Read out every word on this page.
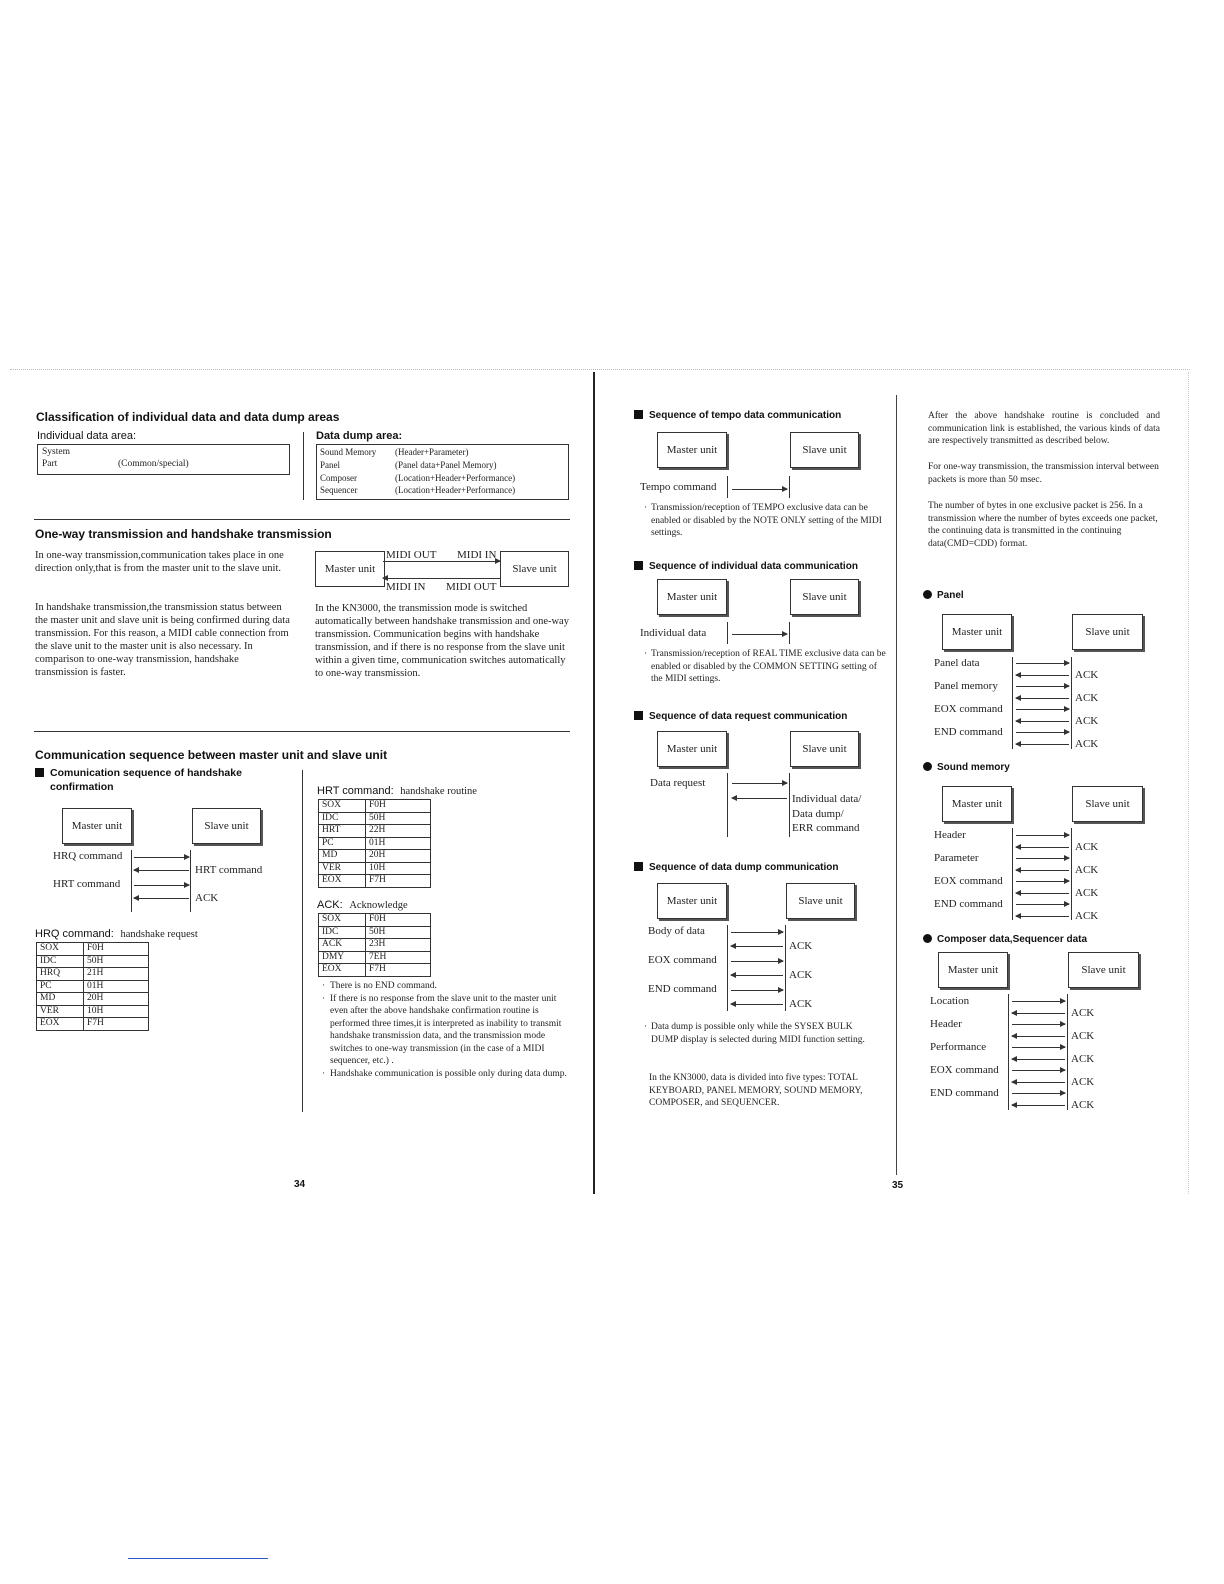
Classification of individual data and data dump areas
Individual data area:
System
Part	(Common/special)
Data dump area:
Sound Memory (Header+Parameter)
Panel	(Panel data+Panel Memory)
Composer	(Location+Header+Performance)
Sequencer	(Location+Header+Performance)
One-way transmission and handshake transmission
In one-way transmission,communication takes place in one direction only,that is from the master unit to the slave unit.
In handshake transmission,the transmission status between the master unit and slave unit is being confirmed during data transmission. For this reason, a MIDI cable connection from the slave unit to the master unit is also necessary. In comparison to one-way transmission, handshake transmission is faster.
Master unit	Slave unit
MIDI OUT MIDI IN
MIDI IN MIDI OUT
In the KN3000, the transmission mode is switched automatically between handshake transmission and one-way transmission. Communication begins with handshake transmission, and if there is no response from the slave unit within a given time, communication switches automatically to one-way transmission.
Communication sequence between master unit and slave unit
Comunication sequence of handshake
confirmation
Master unit	Slave unit
HRQ command
HRT command
HRT command
ACK
HRQ command: handshake request
SOX	F0H
IDC	50H
HRQ	21H
PC	01H
MD	20H
VER	10H
EOX	F7H
HRT command: handshake routine
SOX	F0H
IDC	50H
HRT	22H
PC	01H
MD	20H
VER	10H
EOX	F7H
ACK: Acknowledge
SOX	F0H
IDC	50H
ACK	23H
DMY	7EH
EOX	F7H
· There is no END command.
· If there is no response from the slave unit to the master unit even after the above handshake confirmation routine is performed three times,it is interpreted as inability to transmit handshake transmission data, and the transmission mode switches to one-way transmission (in the case of a MIDI sequencer, etc.) .
· Handshake communication is possible only during data dump.
34
Sequence of tempo data communication
Master unit	Slave unit
Tempo command
· Transmission/reception of TEMPO exclusive data can be enabled or disabled by the NOTE ONLY setting of the MIDI settings.
Sequence of individual data communication
Master unit	Slave unit
Individual data
· Transmission/reception of REAL TIME exclusive data can be enabled or disabled by the COMMON SETTING setting of the MIDI settings.
Sequence of data request communication
Master unit	Slave unit
Data request
Individual data/
Data dump/
ERR command
Sequence of data dump communication
Master unit	Slave unit
Body of data
ACK
EOX command
ACK
END command
ACK
· Data dump is possible only while the SYSEX BULK DUMP display is selected during MIDI function setting.
In the KN3000, data is divided into five types: TOTAL KEYBOARD, PANEL MEMORY, SOUND MEMORY, COMPOSER, and SEQUENCER.
After the above handshake routine is concluded and communication link is established, the various kinds of data are respectively transmitted as described below.
For one-way transmission, the transmission interval between packets is more than 50 msec.
The number of bytes in one exclusive packet is 256. In a transmission where the number of bytes exceeds one packet, the continuing data is transmitted in the continuing data(CMD=CDD) format.
Panel
Master unit	Slave unit
Panel data
ACK
Panel memory
ACK
EOX command
ACK
END command
ACK
Sound memory
Master unit	Slave unit
Header
ACK
Parameter
ACK
EOX command
ACK
END command
ACK
Composer data,Sequencer data
Master unit	Slave unit
Location
ACK
Header
ACK
Performance
ACK
EOX command
ACK
END command
ACK
35
